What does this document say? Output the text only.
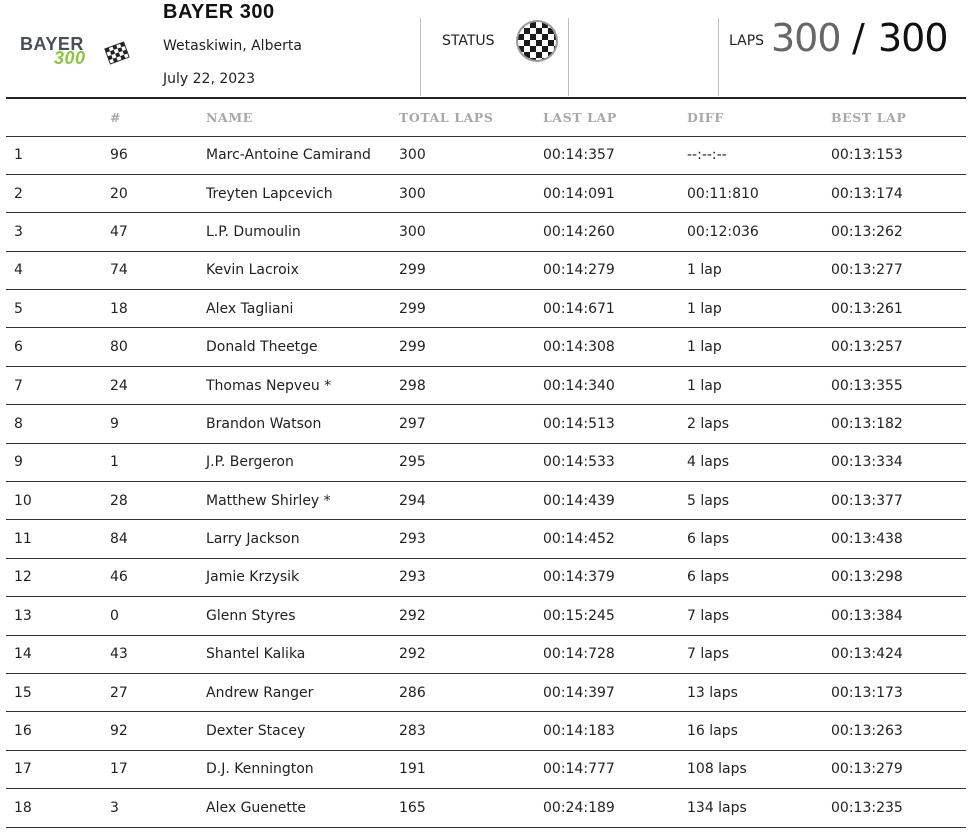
BAYER
300
BAYER 300
Wetaskiwin, Alberta
July 22, 2023
STATUS	LAPS 300 / 300
	#	NAME	TOTAL LAPS	LAST LAP	DIFF	BEST LAP
1	96	Marc-Antoine Camirand	300	00:14:357	--:--:--	00:13:153
2	20	Treyten Lapcevich	300	00:14:091	00:11:810	00:13:174
3	47	L.P. Dumoulin	300	00:14:260	00:12:036	00:13:262
4	74	Kevin Lacroix	299	00:14:279	1 lap	00:13:277
5	18	Alex Tagliani	299	00:14:671	1 lap	00:13:261
6	80	Donald Theetge	299	00:14:308	1 lap	00:13:257
7	24	Thomas Nepveu *	298	00:14:340	1 lap	00:13:355
8	9	Brandon Watson	297	00:14:513	2 laps	00:13:182
9	1	J.P. Bergeron	295	00:14:533	4 laps	00:13:334
10	28	Matthew Shirley *	294	00:14:439	5 laps	00:13:377
11	84	Larry Jackson	293	00:14:452	6 laps	00:13:438
12	46	Jamie Krzysik	293	00:14:379	6 laps	00:13:298
13	0	Glenn Styres	292	00:15:245	7 laps	00:13:384
14	43	Shantel Kalika	292	00:14:728	7 laps	00:13:424
15	27	Andrew Ranger	286	00:14:397	13 laps	00:13:173
16	92	Dexter Stacey	283	00:14:183	16 laps	00:13:263
17	17	D.J. Kennington	191	00:14:777	108 laps	00:13:279
18	3	Alex Guenette	165	00:24:189	134 laps	00:13:235
